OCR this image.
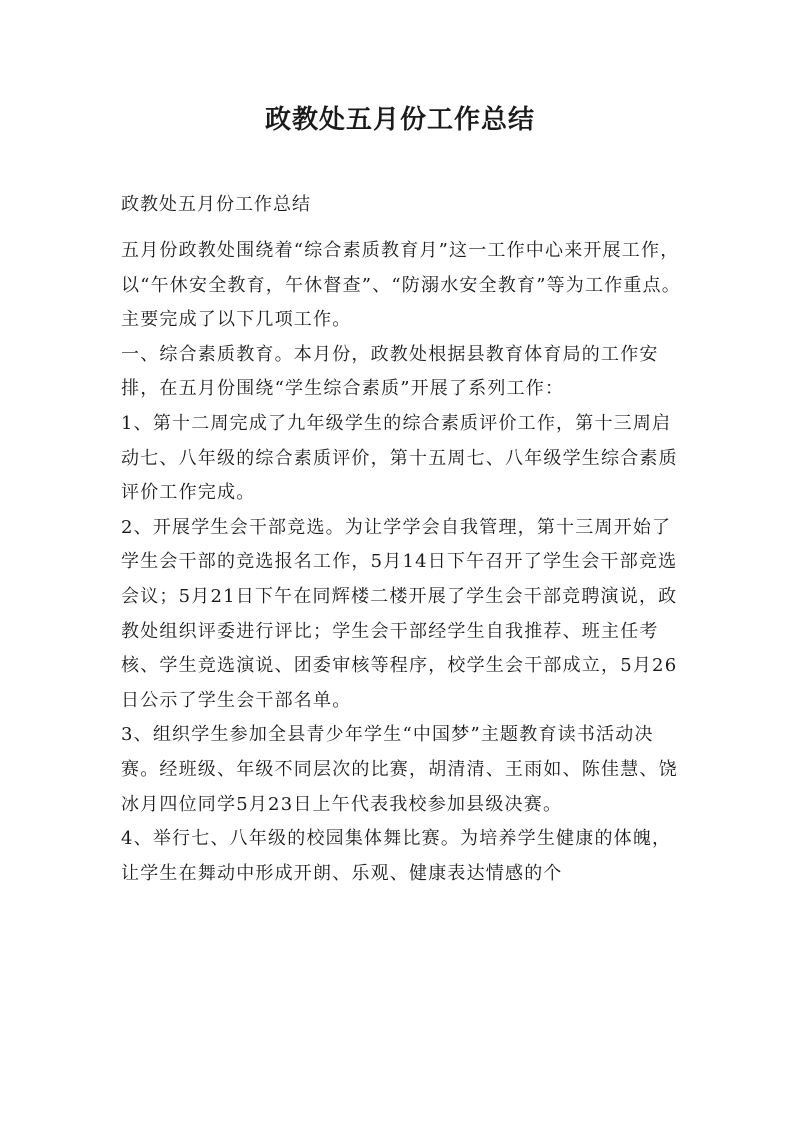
政教处五月份工作总结
政教处五月份工作总结

五月份政教处围绕着“综合素质教育月”这一工作中心来开展工作，以“午休安全教育，午休督查”、“防溺水安全教育”等为工作重点。主要完成了以下几项工作。

一、综合素质教育。本月份，政教处根据县教育体育局的工作安排，在五月份围绕“学生综合素质”开展了系列工作：

1、第十二周完成了九年级学生的综合素质评价工作，第十三周启动七、八年级的综合素质评价，第十五周七、八年级学生综合素质评价工作完成。

2、开展学生会干部竞选。为让学学会自我管理，第十三周开始了学生会干部的竞选报名工作，5月14日下午召开了学生会干部竞选会议；5月21日下午在同辉楼二楼开展了学生会干部竞聘演说，政教处组织评委进行评比；学生会干部经学生自我推荐、班主任考核、学生竞选演说、团委审核等程序，校学生会干部成立，5月26日公示了学生会干部名单。

3、组织学生参加全县青少年学生“中国梦”主题教育读书活动决赛。经班级、年级不同层次的比赛，胡清清、王雨如、陈佳慧、饶冰月四位同学5月23日上午代表我校参加县级决赛。

4、举行七、八年级的校园集体舞比赛。为培养学生健康的体魄，让学生在舞动中形成开朗、乐观、健康表达情感的个
